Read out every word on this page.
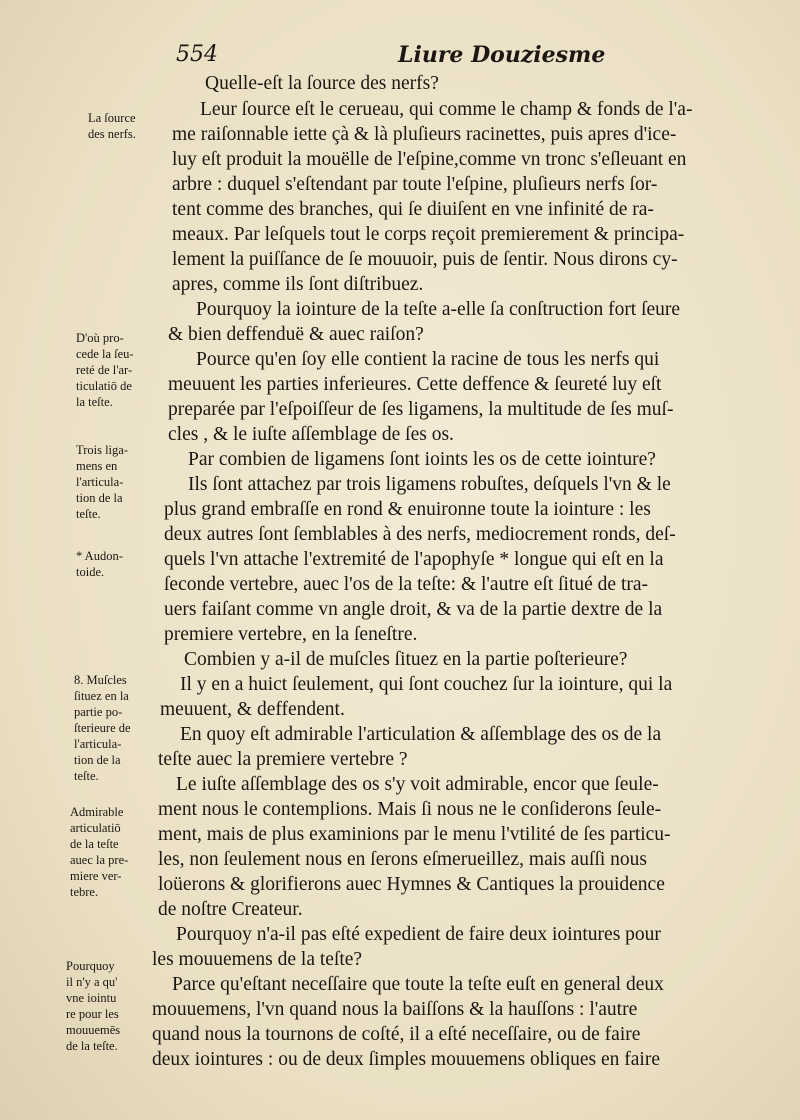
554	Liure Douziesme
Quelle-eſt la ſource des nerfs?
Leur ſource eſt le cerueau, qui comme le champ & fonds de l'a-
me raiſonnable iette çà & là pluſieurs racinettes, puis apres d'ice-
luy eſt produit la mouëlle de l'eſpine,comme vn tronc s'eſleuant en
arbre : duquel s'eſtendant par toute l'eſpine, pluſieurs nerfs ſor-
tent comme des branches, qui ſe diuiſent en vne infinité de ra-
meaux. Par leſquels tout le corps reçoit premierement & principa-
lement la puiſſance de ſe mouuoir, puis de ſentir. Nous dirons cy-
apres, comme ils ſont diſtribuez.
Pourquoy la iointure de la teſte a-elle ſa conſtruction fort ſeure
& bien deffenduë & auec raiſon?
Pource qu'en ſoy elle contient la racine de tous les nerfs qui
meuuent les parties inferieures. Cette deffence & ſeureté luy eſt
preparée par l'eſpoiſſeur de ſes ligamens, la multitude de ſes muſ-
cles , & le iuſte aſſemblage de ſes os.
Par combien de ligamens ſont ioints les os de cette iointure?
Ils ſont attachez par trois ligamens robuſtes, deſquels l'vn & le
plus grand embraſſe en rond & enuironne toute la iointure : les
deux autres ſont ſemblables à des nerfs, mediocrement ronds, deſ-
quels l'vn attache l'extremité de l'apophyſe * longue qui eſt en la
ſeconde vertebre, auec l'os de la teſte: & l'autre eſt ſitué de tra-
uers faiſant comme vn angle droit, & va de la partie dextre de la
premiere vertebre, en la ſeneſtre.
Combien y a-il de muſcles ſituez en la partie poſterieure?
Il y en a huict ſeulement, qui ſont couchez ſur la iointure, qui la
meuuent, & deffendent.
En quoy eſt admirable l'articulation & aſſemblage des os de la
teſte auec la premiere vertebre ?
Le iuſte aſſemblage des os s'y voit admirable, encor que ſeule-
ment nous le contemplions. Mais ſi nous ne le conſiderons ſeule-
ment, mais de plus examinions par le menu l'vtilité de ſes particu-
les, non ſeulement nous en ſerons eſmerueillez, mais auſſi nous
loüerons & glorifierons auec Hymnes & Cantiques la prouidence
de noſtre Createur.
Pourquoy n'a-il pas eſté expedient de faire deux iointures pour
les mouuemens de la teſte?
Parce qu'eſtant neceſſaire que toute la teſte euſt en general deux
mouuemens, l'vn quand nous la baiſſons & la hauſſons : l'autre
quand nous la tournons de coſté, il a eſté neceſſaire, ou de faire
deux iointures : ou de deux ſimples mouuemens obliques en faire
La ſource
des nerfs.
D'où pro-
cede la ſeu-
reté de l'ar-
ticulatiō de
la teſte.
Trois liga-
mens en
l'articula-
tion de la
teſte.
* Audon-
toide.
8. Muſcles
ſituez en la
partie po-
ſterieure de
l'articula-
tion de la
teſte.
Admirable
articulatiō
de la teſte
auec la pre-
miere ver-
tebre.
Pourquoy
il n'y a qu'
vne iointu
re pour les
mouuemēs
de la teſte.
